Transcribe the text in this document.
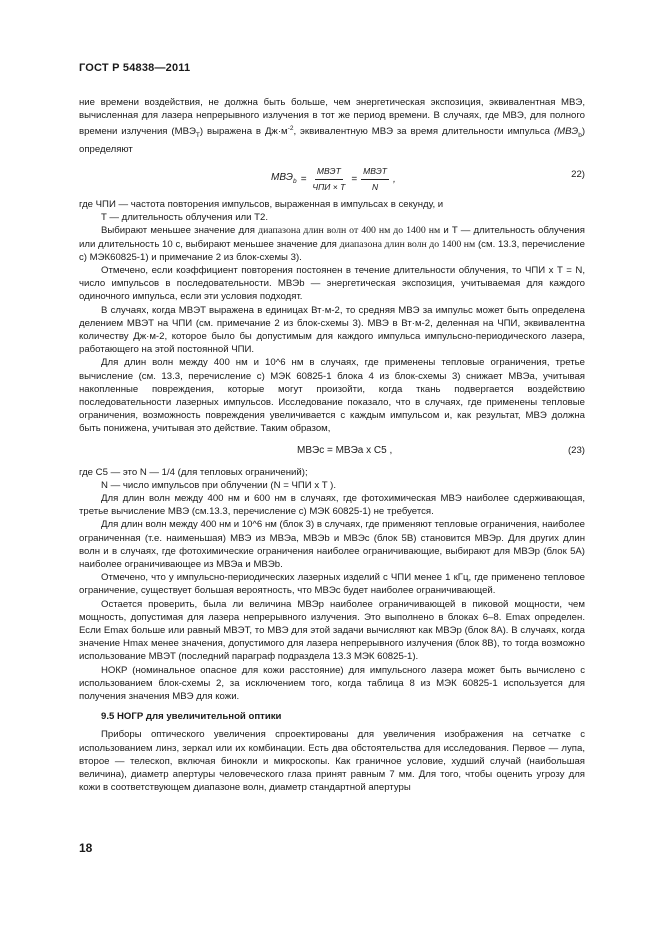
ГОСТ Р 54838—2011

ние времени воздействия, не должна быть больше, чем энергетическая экспозиция, эквивалентная МВЭ, вычисленная для лазера непрерывного излучения в тот же период времени. В случаях, где МВЭ, для полного времени излучения $(МВЭ_T)$ выражена в $Дж\cdot м^{-2}$, эквивалентную МВЭ за время длительности импульса $(МВЭ_b)$ определяют

$МВЭ_b = \frac{\text{МВЭT}}{\text{ЧПИ × T}} = \frac{\text{МВЭT}}{N}$ ,	22)

где ЧПИ — частота повторения импульсов, выраженная в импульсах в секунду, и

T — длительность облучения или T2.

Выбирают меньшее значение для диапазона длин волн от 400 нм до 1400 нм и T — длительность облучения или длительность 10 с, выбирают меньшее значение для диапазона длин волн до 1400 нм (см. 13.3, перечисление с) МЭК60825-1) и примечание 2 из блок-схемы 3).

Отмечено, если коэффициент повторения постоянен в течение длительности облучения, то ЧПИ х Т = N, число импульсов в последовательности. МВЭb — энергетическая экспозиция, учитываемая для каждого одиночного импульса, если эти условия подходят.

В случаях, когда МВЭT выражена в единицах Вт·м-2, то средняя МВЭ за импульс может быть определена делением МВЭT на ЧПИ (см. примечание 2 из блок-схемы 3). МВЭ в Вт·м-2, деленная на ЧПИ, эквивалентна количеству Дж·м-2, которое было бы допустимым для каждого импульса импульсно-периодического лазера, работающего на этой постоянной ЧПИ.

Для длин волн между 400 нм и 10^6 нм в случаях, где применены тепловые ограничения, третье вычисление (см. 13.3, перечисление с) МЭК 60825-1 блока 4 из блок-схемы 3) снижает МВЭa, учитывая накопленные повреждения, которые могут произойти, когда ткань подвергается воздействию последовательности лазерных импульсов. Исследование показало, что в случаях, где применены тепловые ограничения, возможность повреждения увеличивается с каждым импульсом и, как результат, МВЭ должна быть понижена, учитывая это действие. Таким образом,

МВЭc = МВЭa х C5 ,	(23)

где C5 — это N — 1/4 (для тепловых ограничений);

N — число импульсов при облучении (N = ЧПИ х T ).

Для длин волн между 400 нм и 600 нм в случаях, где фотохимическая МВЭ наиболее сдерживающая, третье вычисление МВЭ (см.13.3, перечисление с) МЭК 60825-1) не требуется.

Для длин волн между 400 нм и 10^6 нм (блок 3) в случаях, где применяют тепловые ограничения, наиболее ограниченная (т.е. наименьшая) МВЭ из МВЭa, МВЭb и МВЭc (блок 5В) становится МВЭp. Для других длин волн и в случаях, где фотохимические ограничения наиболее ограничивающие, выбирают для МВЭp (блок 5А) наиболее ограничивающее из МВЭa и МВЭb.

Отмечено, что у импульсно-периодических лазерных изделий с ЧПИ менее 1 кГц, где применено тепловое ограничение, существует большая вероятность, что МВЭc будет наиболее ограничивающей.

Остается проверить, была ли величина МВЭp наиболее ограничивающей в пиковой мощности, чем мощность, допустимая для лазера непрерывного излучения. Это выполнено в блоках 6–8. Emax определен. Если Emax больше или равный МВЭT, то МВЭ для этой задачи вычисляют как МВЭp (блок 8А). В случаях, когда значение Hmax менее значения, допустимого для лазера непрерывного излучения (блок 8В), то тогда возможно использование МВЭT (последний параграф подраздела 13.3 МЭК 60825-1).

НОКР (номинальное опасное для кожи расстояние) для импульсного лазера может быть вычислено с использованием блок-схемы 2, за исключением того, когда таблица 8 из МЭК 60825-1 используется для получения значения МВЭ для кожи.

9.5 НОГР для увеличительной оптики

Приборы оптического увеличения спроектированы для увеличения изображения на сетчатке с использованием линз, зеркал или их комбинации. Есть два обстоятельства для исследования. Первое — лупа, второе — телескоп, включая бинокли и микроскопы. Как граничное условие, худший случай (наибольшая величина), диаметр апертуры человеческого глаза принят равным 7 мм. Для того, чтобы оценить угрозу для кожи в соответствующем диапазоне волн, диаметр стандартной апертуры

18
